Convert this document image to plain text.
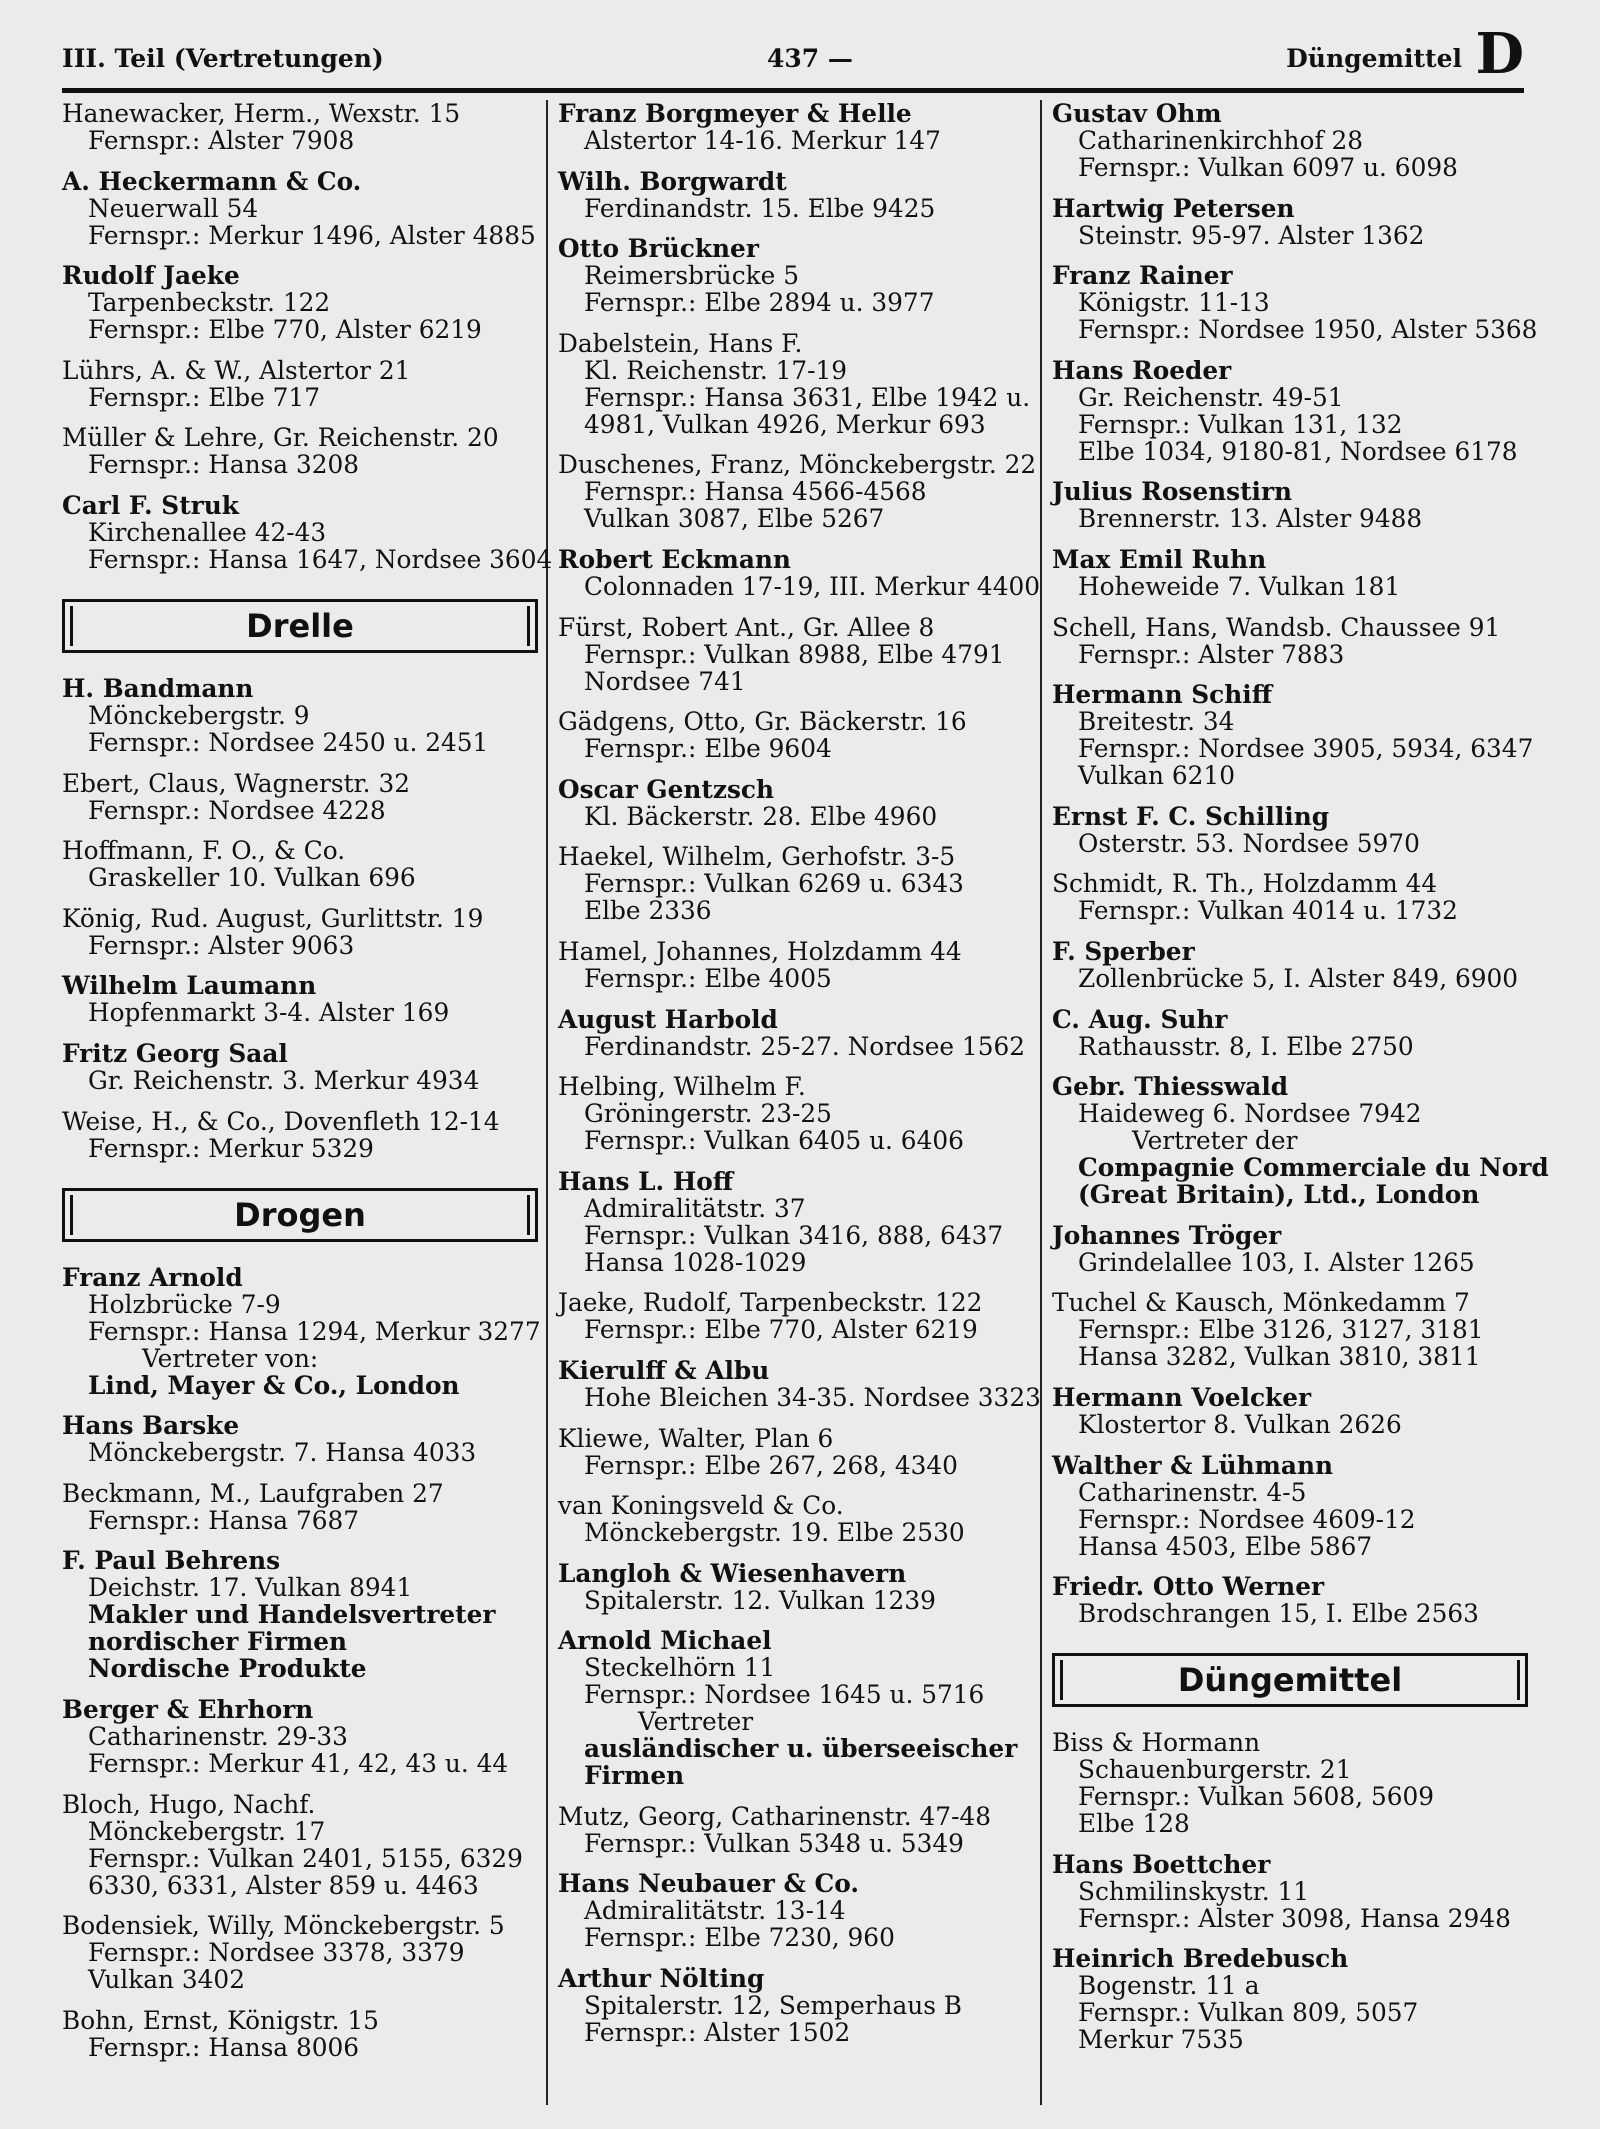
III. Teil (Vertretungen)	437 —	Düngemittel D
Hanewacker, Herm., Wexstr. 15
Fernspr.: Alster 7908
A. Heckermann & Co.
Neuerwall 54
Fernspr.: Merkur 1496, Alster 4885
Rudolf Jaeke
Tarpenbeckstr. 122
Fernspr.: Elbe 770, Alster 6219
Lührs, A. & W., Alstertor 21
Fernspr.: Elbe 717
Müller & Lehre, Gr. Reichenstr. 20
Fernspr.: Hansa 3208
Carl F. Struk
Kirchenallee 42-43
Fernspr.: Hansa 1647, Nordsee 3604
Drelle
H. Bandmann
Mönckebergstr. 9
Fernspr.: Nordsee 2450 u. 2451
Ebert, Claus, Wagnerstr. 32
Fernspr.: Nordsee 4228
Hoffmann, F. O., & Co.
Graskeller 10. Vulkan 696
König, Rud. August, Gurlittstr. 19
Fernspr.: Alster 9063
Wilhelm Laumann
Hopfenmarkt 3-4. Alster 169
Fritz Georg Saal
Gr. Reichenstr. 3. Merkur 4934
Weise, H., & Co., Dovenfleth 12-14
Fernspr.: Merkur 5329
Drogen
Franz Arnold
Holzbrücke 7-9
Fernspr.: Hansa 1294, Merkur 3277
Vertreter von:
Lind, Mayer & Co., London
Hans Barske
Mönckebergstr. 7. Hansa 4033
Beckmann, M., Laufgraben 27
Fernspr.: Hansa 7687
F. Paul Behrens
Deichstr. 17. Vulkan 8941
Makler und Handelsvertreter
nordischer Firmen
Nordische Produkte
Berger & Ehrhorn
Catharinenstr. 29-33
Fernspr.: Merkur 41, 42, 43 u. 44
Bloch, Hugo, Nachf.
Mönckebergstr. 17
Fernspr.: Vulkan 2401, 5155, 6329
6330, 6331, Alster 859 u. 4463
Bodensiek, Willy, Mönckebergstr. 5
Fernspr.: Nordsee 3378, 3379
Vulkan 3402
Bohn, Ernst, Königstr. 15
Fernspr.: Hansa 8006
Franz Borgmeyer & Helle
Alstertor 14-16. Merkur 147
Wilh. Borgwardt
Ferdinandstr. 15. Elbe 9425
Otto Brückner
Reimersbrücke 5
Fernspr.: Elbe 2894 u. 3977
Dabelstein, Hans F.
Kl. Reichenstr. 17-19
Fernspr.: Hansa 3631, Elbe 1942 u.
4981, Vulkan 4926, Merkur 693
Duschenes, Franz, Mönckebergstr. 22
Fernspr.: Hansa 4566-4568
Vulkan 3087, Elbe 5267
Robert Eckmann
Colonnaden 17-19, III. Merkur 4400
Fürst, Robert Ant., Gr. Allee 8
Fernspr.: Vulkan 8988, Elbe 4791
Nordsee 741
Gädgens, Otto, Gr. Bäckerstr. 16
Fernspr.: Elbe 9604
Oscar Gentzsch
Kl. Bäckerstr. 28. Elbe 4960
Haekel, Wilhelm, Gerhofstr. 3-5
Fernspr.: Vulkan 6269 u. 6343
Elbe 2336
Hamel, Johannes, Holzdamm 44
Fernspr.: Elbe 4005
August Harbold
Ferdinandstr. 25-27. Nordsee 1562
Helbing, Wilhelm F.
Gröningerstr. 23-25
Fernspr.: Vulkan 6405 u. 6406
Hans L. Hoff
Admiralitätstr. 37
Fernspr.: Vulkan 3416, 888, 6437
Hansa 1028-1029
Jaeke, Rudolf, Tarpenbeckstr. 122
Fernspr.: Elbe 770, Alster 6219
Kierulff & Albu
Hohe Bleichen 34-35. Nordsee 3323
Kliewe, Walter, Plan 6
Fernspr.: Elbe 267, 268, 4340
van Koningsveld & Co.
Mönckebergstr. 19. Elbe 2530
Langloh & Wiesenhavern
Spitalerstr. 12. Vulkan 1239
Arnold Michael
Steckelhörn 11
Fernspr.: Nordsee 1645 u. 5716
Vertreter
ausländischer u. überseeischer
Firmen
Mutz, Georg, Catharinenstr. 47-48
Fernspr.: Vulkan 5348 u. 5349
Hans Neubauer & Co.
Admiralitätstr. 13-14
Fernspr.: Elbe 7230, 960
Arthur Nölting
Spitalerstr. 12, Semperhaus B
Fernspr.: Alster 1502
Gustav Ohm
Catharinenkirchhof 28
Fernspr.: Vulkan 6097 u. 6098
Hartwig Petersen
Steinstr. 95-97. Alster 1362
Franz Rainer
Königstr. 11-13
Fernspr.: Nordsee 1950, Alster 5368
Hans Roeder
Gr. Reichenstr. 49-51
Fernspr.: Vulkan 131, 132
Elbe 1034, 9180-81, Nordsee 6178
Julius Rosenstirn
Brennerstr. 13. Alster 9488
Max Emil Ruhn
Hoheweide 7. Vulkan 181
Schell, Hans, Wandsb. Chaussee 91
Fernspr.: Alster 7883
Hermann Schiff
Breitestr. 34
Fernspr.: Nordsee 3905, 5934, 6347
Vulkan 6210
Ernst F. C. Schilling
Osterstr. 53. Nordsee 5970
Schmidt, R. Th., Holzdamm 44
Fernspr.: Vulkan 4014 u. 1732
F. Sperber
Zollenbrücke 5, I. Alster 849, 6900
C. Aug. Suhr
Rathausstr. 8, I. Elbe 2750
Gebr. Thiesswald
Haideweg 6. Nordsee 7942
Vertreter der
Compagnie Commerciale du Nord
(Great Britain), Ltd., London
Johannes Tröger
Grindelallee 103, I. Alster 1265
Tuchel & Kausch, Mönkedamm 7
Fernspr.: Elbe 3126, 3127, 3181
Hansa 3282, Vulkan 3810, 3811
Hermann Voelcker
Klostertor 8. Vulkan 2626
Walther & Lühmann
Catharinenstr. 4-5
Fernspr.: Nordsee 4609-12
Hansa 4503, Elbe 5867
Friedr. Otto Werner
Brodschrangen 15, I. Elbe 2563
Düngemittel
Biss & Hormann
Schauenburgerstr. 21
Fernspr.: Vulkan 5608, 5609
Elbe 128
Hans Boettcher
Schmilinskystr. 11
Fernspr.: Alster 3098, Hansa 2948
Heinrich Bredebusch
Bogenstr. 11 a
Fernspr.: Vulkan 809, 5057
Merkur 7535
